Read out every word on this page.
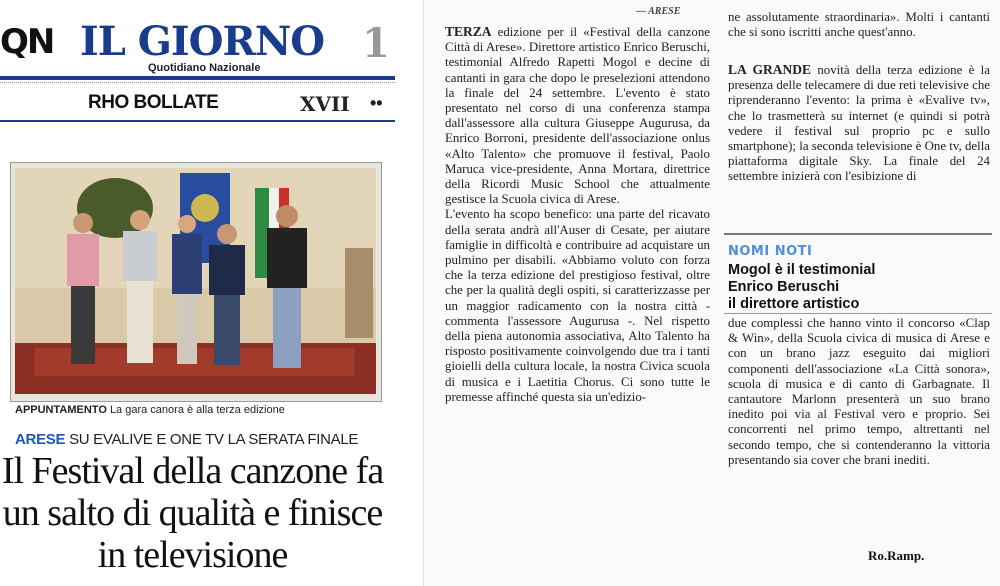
QN IL GIORNO 1
Quotidiano Nazionale
RHO BOLLATE	XVII ••
APPUNTAMENTO La gara canora è alla terza edizione
ARESE SU EVALIVE E ONE TV LA SERATA FINALE
Il Festival della canzone fa un salto di qualità e finisce in televisione
— ARESE
TERZA edizione per il «Festival della canzone Città di Arese». Direttore artistico Enrico Beruschi, testimonial Alfredo Rapetti Mogol e decine di cantanti in gara che dopo le preselezioni attendono la finale del 24 settembre. L'evento è stato presentato nel corso di una conferenza stampa dall'assessore alla cultura Giuseppe Augurusa, da Enrico Borroni, presidente dell'associazione onlus «Alto Talento» che promuove il festival, Paolo Maruca vice-presidente, Anna Mortara, direttrice della Ricordi Music School che attualmente gestisce la Scuola civica di Arese.
L'evento ha scopo benefico: una parte del ricavato della serata andrà all'Auser di Cesate, per aiutare famiglie in difficoltà e contribuire ad acquistare un pulmino per disabili. «Abbiamo voluto con forza che la terza edizione del prestigioso festival, oltre che per la qualità degli ospiti, si caratterizzasse per un maggior radicamento con la nostra città - commenta l'assessore Augurusa -. Nel rispetto della piena autonomia associativa, Alto Talento ha risposto positivamente coinvolgendo due tra i tanti gioielli della cultura locale, la nostra Civica scuola di musica e i Laetitia Chorus. Ci sono tutte le premesse affinché questa sia un'edizio-
ne assolutamente straordinaria». Molti i cantanti che si sono iscritti anche quest'anno.
LA GRANDE novità della terza edizione è la presenza delle telecamere di due reti televisive che riprenderanno l'evento: la prima è «Evalive tv», che lo trasmetterà su internet (e quindi si potrà vedere il festival sul proprio pc e sullo smartphone); la seconda televisione è One tv, della piattaforma digitale Sky. La finale del 24 settembre inizierà con l'esibizione di
NOMI NOTI
Mogol è il testimonial
Enrico Beruschi
il direttore artistico
due complessi che hanno vinto il concorso «Clap & Win», della Scuola civica di musica di Arese e con un brano jazz eseguito dai migliori componenti dell'associazione «La Città sonora», scuola di musica e di canto di Garbagnate. Il cantautore Marlonn presenterà un suo brano inedito poi via al Festival vero e proprio. Sei concorrenti nel primo tempo, altrettanti nel secondo tempo, che si contenderanno la vittoria presentando sia cover che brani inediti.
Ro.Ramp.
